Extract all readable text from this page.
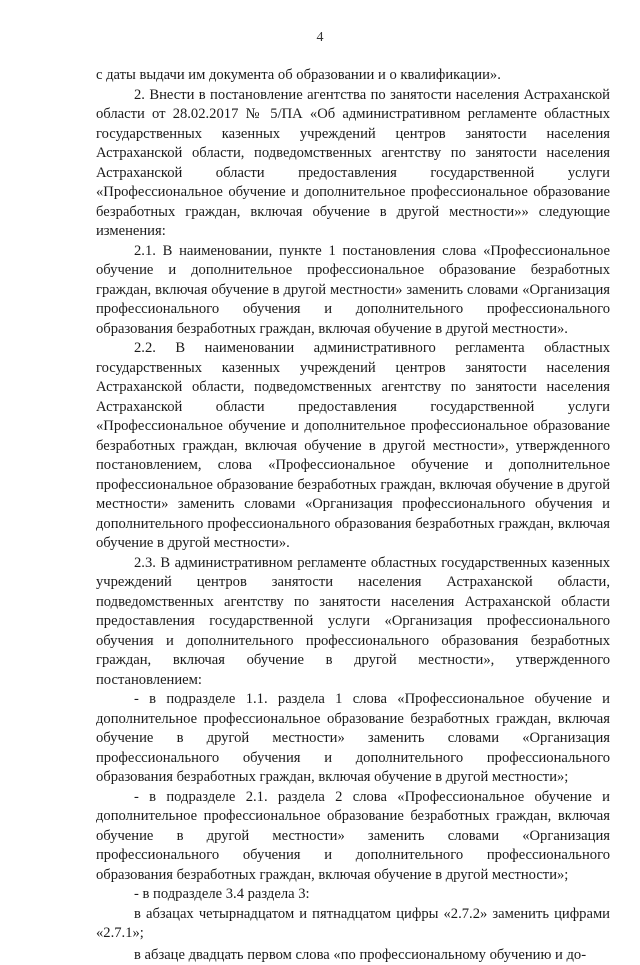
4

с даты выдачи им документа об образовании и о квалификации».

2. Внести в постановление агентства по занятости населения Астраханской области от 28.02.2017 № 5/ПА «Об административном регламенте областных государственных казенных учреждений центров занятости населения Астраханской области, подведомственных агентству по занятости населения Астраханской области предоставления государственной услуги «Профессиональное обучение и дополнительное профессиональное образование безработных граждан, включая обучение в другой местности»» следующие изменения:

2.1. В наименовании, пункте 1 постановления слова «Профессиональное обучение и дополнительное профессиональное образование безработных граждан, включая обучение в другой местности» заменить словами «Организация профессионального обучения и дополнительного профессионального образования безработных граждан, включая обучение в другой местности».

2.2. В наименовании административного регламента областных государственных казенных учреждений центров занятости населения Астраханской области, подведомственных агентству по занятости населения Астраханской области предоставления государственной услуги «Профессиональное обучение и дополнительное профессиональное образование безработных граждан, включая обучение в другой местности», утвержденного постановлением, слова «Профессиональное обучение и дополнительное профессиональное образование безработных граждан, включая обучение в другой местности» заменить словами «Организация профессионального обучения и дополнительного профессионального образования безработных граждан, включая обучение в другой местности».

2.3. В административном регламенте областных государственных казенных учреждений центров занятости населения Астраханской области, подведомственных агентству по занятости населения Астраханской области предоставления государственной услуги «Организация профессионального обучения и дополнительного профессионального образования безработных граждан, включая обучение в другой местности», утвержденного постановлением:

- в подразделе 1.1. раздела 1 слова «Профессиональное обучение и дополнительное профессиональное образование безработных граждан, включая обучение в другой местности» заменить словами «Организация профессионального обучения и дополнительного профессионального образования безработных граждан, включая обучение в другой местности»;

- в подразделе 2.1. раздела 2 слова «Профессиональное обучение и дополнительное профессиональное образование безработных граждан, включая обучение в другой местности» заменить словами «Организация профессионального обучения и дополнительного профессионального образования безработных граждан, включая обучение в другой местности»;

- в подразделе 3.4 раздела 3:

в абзацах четырнадцатом и пятнадцатом цифры «2.7.2» заменить цифрами «2.7.1»;

в абзаце двадцать первом слова «по профессиональному обучению и до-
